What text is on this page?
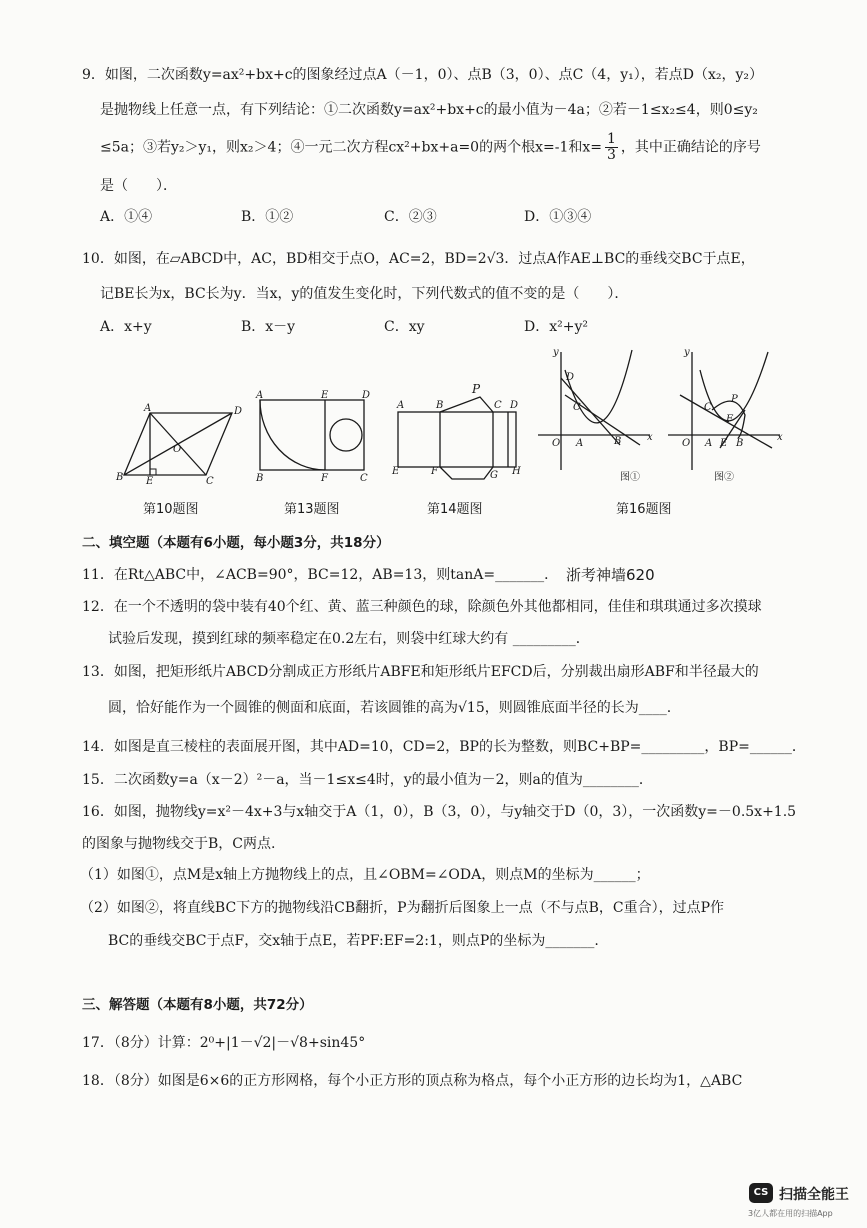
9．如图，二次函数y=ax²+bx+c的图象经过点A（－1，0）、点B（3，0）、点C（4，y₁），若点D（x₂，y₂）
是抛物线上任意一点，有下列结论：①二次函数y=ax²+bx+c的最小值为－4a；②若－1≤x₂≤4，则0≤y₂
≤5a；③若y₂＞y₁，则x₂＞4；④一元二次方程cx²+bx+a=0的两个根x=-1和$x= \frac{1}{3}$ ，其中正确结论的序号
是（　　）．
A．①④	B．①②	C．②③	D．①③④
10．如图，在▱ABCD中，AC，BD相交于点O，AC=2，BD=2√3．过点A作AE⊥BC的垂线交BC于点E，
记BE长为x，BC长为y．当x，y的值发生变化时，下列代数式的值不变的是（　　）．
A．x+y	B．x－y	C．xy	D．x²+y²
A	D
B E	C
O
A	E	D
B	F	C
A	B
P
C D
E	F	G H
y
D
C
O A	B	x
y
C
P
F
O A E B
x
图①	图②
第10题图	第13题图	第14题图	第16题图
二、填空题（本题有6小题，每小题3分，共18分）
11．在Rt△ABC中，∠ACB=90°，BC=12，AB=13，则tanA=_______． 浙考神墙620
12．在一个不透明的袋中装有40个红、黄、蓝三种颜色的球，除颜色外其他都相同，佳佳和琪琪通过多次摸球
试验后发现，摸到红球的频率稳定在0.2左右，则袋中红球大约有 _________．
13．如图，把矩形纸片ABCD分割成正方形纸片ABFE和矩形纸片EFCD后，分别裁出扇形ABF和半径最大的
圆，恰好能作为一个圆锥的侧面和底面，若该圆锥的高为√15，则圆锥底面半径的长为____.
14．如图是直三棱柱的表面展开图，其中AD=10，CD=2，BP的长为整数，则BC+BP=_________，BP=______．
15．二次函数y=a（x－2）²－a，当－1≤x≤4时，y的最小值为－2，则a的值为________．
16．如图，抛物线y=x²－4x+3与x轴交于A（1，0），B（3，0），与y轴交于D（0，3），一次函数y=－0.5x+1.5
的图象与抛物线交于B，C两点.
（1）如图①，点M是x轴上方抛物线上的点，且∠OBM=∠ODA，则点M的坐标为______；
（2）如图②，将直线BC下方的抛物线沿CB翻折，P为翻折后图象上一点（不与点B，C重合），过点P作
BC的垂线交BC于点F，交x轴于点E，若PF:EF=2:1，则点P的坐标为_______.
三、解答题（本题有8小题，共72分）
17．（8分）计算：2⁰+|1－√2|－√8+sin45°
18．（8分）如图是6×6的正方形网格，每个小正方形的顶点称为格点，每个小正方形的边长均为1，△ABC
CS 扫描全能王
3亿人都在用的扫描App
